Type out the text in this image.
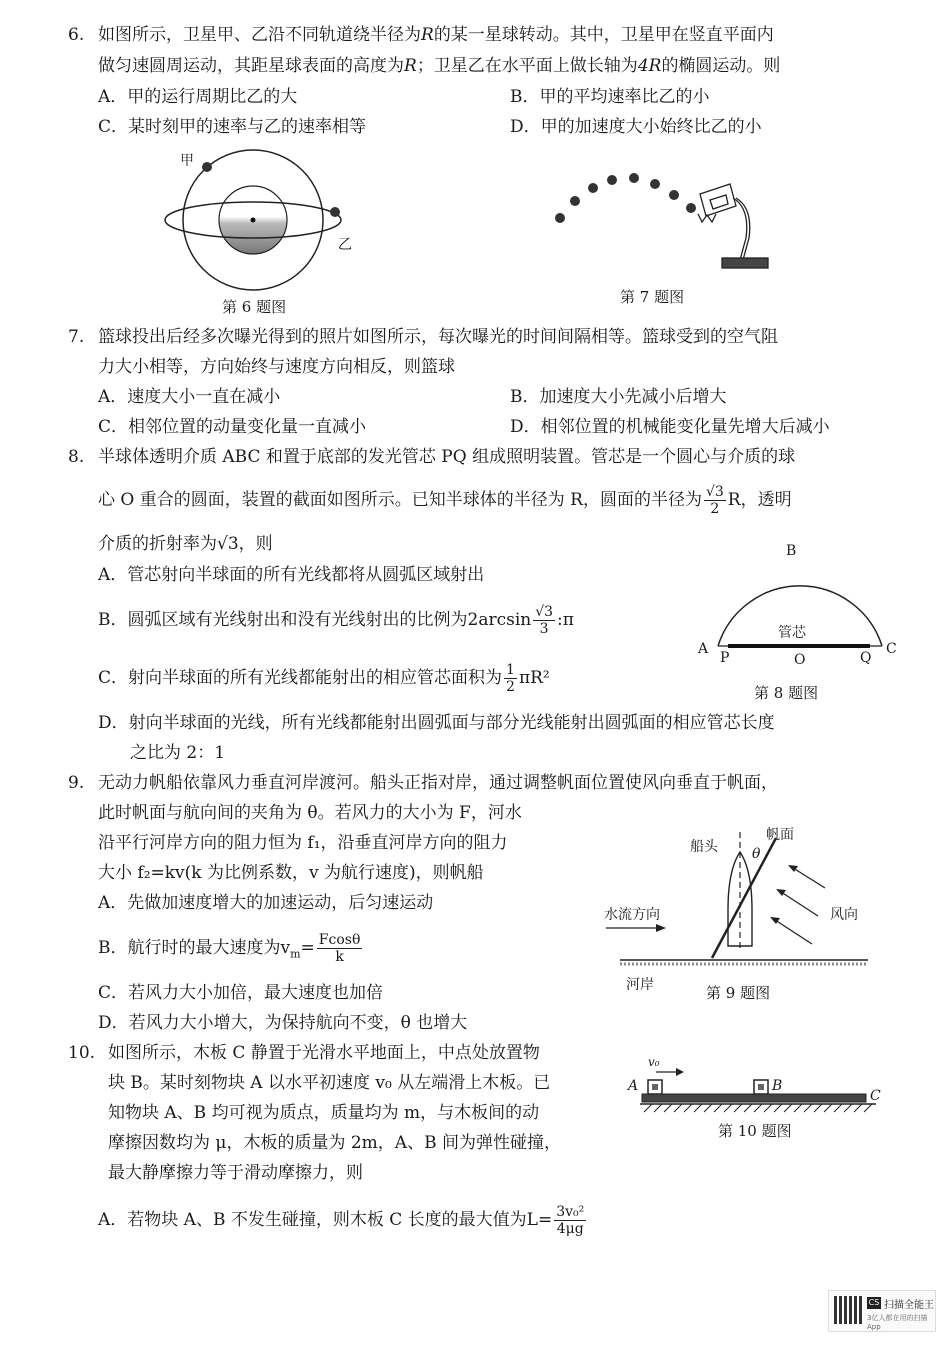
6. 如图所示，卫星甲、乙沿不同轨道绕半径为R的某一星球转动。其中，卫星甲在竖直平面内
做匀速圆周运动，其距星球表面的高度为R；卫星乙在水平面上做长轴为4R的椭圆运动。则
A．甲的运行周期比乙的大	B．甲的平均速率比乙的小
C．某时刻甲的速率与乙的速率相等	D．甲的加速度大小始终比乙的小
甲
乙
第 6 题图
第 7 题图
7. 篮球投出后经多次曝光得到的照片如图所示，每次曝光的时间间隔相等。篮球受到的空气阻
力大小相等，方向始终与速度方向相反，则篮球
A．速度大小一直在减小	B．加速度大小先减小后增大
C．相邻位置的动量变化量一直减小	D．相邻位置的机械能变化量先增大后减小
8. 半球体透明介质 ABC 和置于底部的发光管芯 PQ 组成照明装置。管芯是一个圆心与介质的球
心 O 重合的圆面，装置的截面如图所示。已知半球体的半径为 R，圆面的半径为 $\frac{√3}{2}$ R，透明
介质的折射率为√3，则
A．管芯射向半球面的所有光线都将从圆弧区域射出
B．圆弧区域有光线射出和没有光线射出的比例为$2\arcsin \frac{√3}{3}$ :π
C．射向半球面的所有光线都能射出的相应管芯面积为 $\frac{1}{2} \pi R^2$
D．射向半球面的光线，所有光线都能射出圆弧面与部分光线能射出圆弧面的相应管芯长度
之比为 2：1
B
管芯
A
P	O	Q
C
第 8 题图
9. 无动力帆船依靠风力垂直河岸渡河。船头正指对岸，通过调整帆面位置使风向垂直于帆面，
此时帆面与航向间的夹角为 θ。若风力的大小为 F，河水
沿平行河岸方向的阻力恒为 f₁，沿垂直河岸方向的阻力
大小 f₂=kv(k 为比例系数，v 为航行速度)，则帆船
A．先做加速度增大的加速运动，后匀速运动
B．航行时的最大速度为$v_m= \frac{Fcos\theta}{k}$
C．若风力大小加倍，最大速度也加倍
D．若风力大小增大，为保持航向不变，θ 也增大
船头
帆面
θ
水流方向	风向
河岸	第 9 题图
10. 如图所示，木板 C 静置于光滑水平地面上，中点处放置物
块 B。某时刻物块 A 以水平初速度 v₀ 从左端滑上木板。已
知物块 A、B 均可视为质点，质量均为 m，与木板间的动
摩擦因数均为 μ，木板的质量为 2m，A、B 间为弹性碰撞，
最大静摩擦力等于滑动摩擦力，则
A．若物块 A、B 不发生碰撞，则木板 C 长度的最大值为$L= \frac{\text{3v₀²}}{4\mu g}$
v₀
A	B
C
第 10 题图
CS 扫描全能王
3亿人都在用的扫描App
